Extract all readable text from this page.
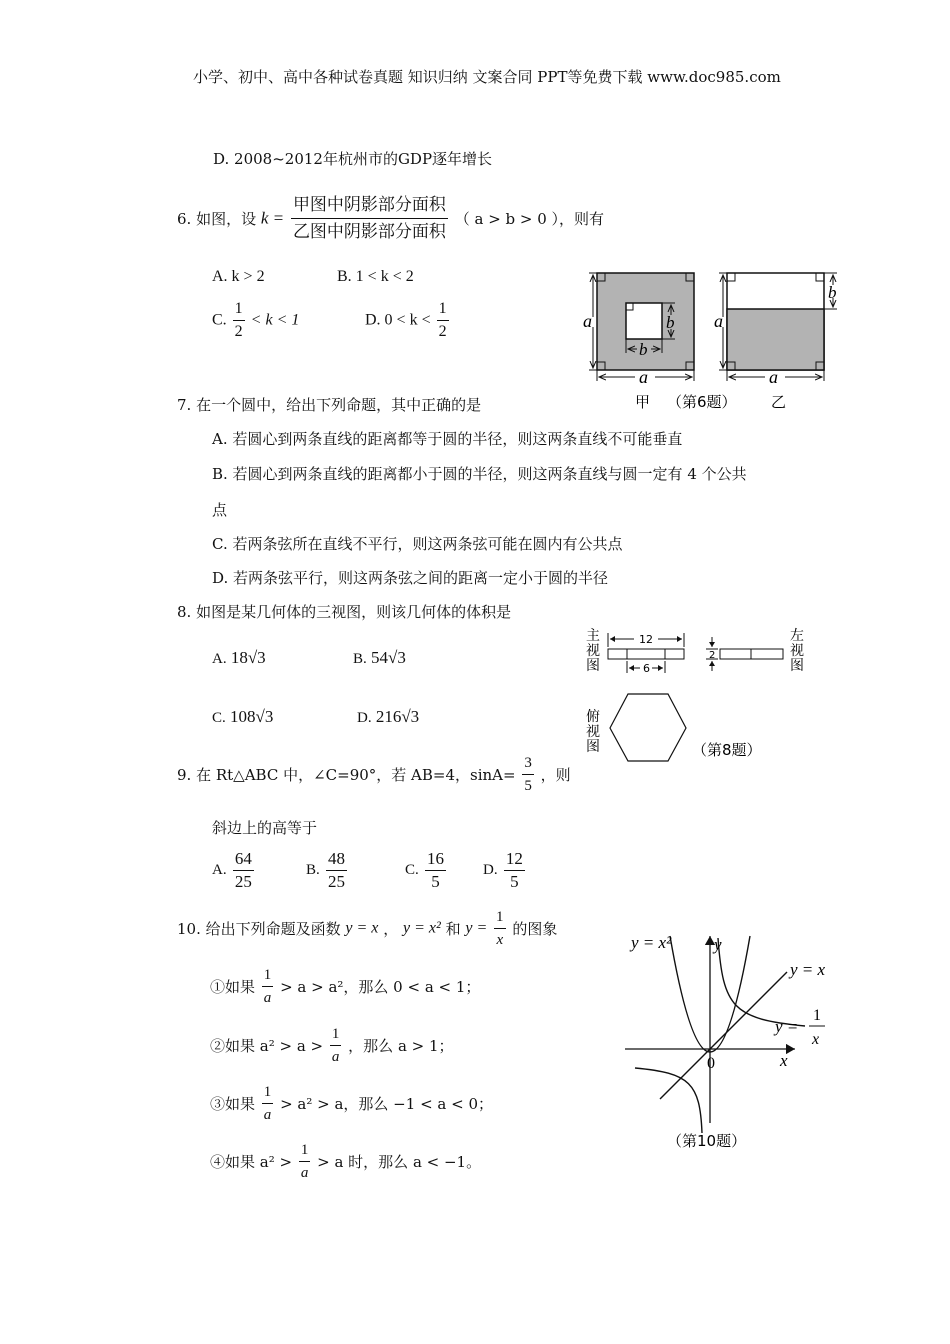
小学、初中、高中各种试卷真题 知识归纳 文案合同 PPT等免费下载 www.doc985.com
D. 2008~2012年杭州市的GDP逐年增长
6. 如图，设 $k = \frac{\text{甲图中阴影部分面积}}{\text{乙图中阴影部分面积}}$ （ a > b > 0 ），则有
A. k > 2	B. 1 < k < 2
C. $\frac{1}{2} < k < 1$	D. $0 < k < \frac{1}{2}$	a
a
b
b
a
b
a
甲 （第6题） 乙
7. 在一个圆中，给出下列命题，其中正确的是
A. 若圆心到两条直线的距离都等于圆的半径，则这两条直线不可能垂直
B. 若圆心到两条直线的距离都小于圆的半径，则这两条直线与圆一定有 4 个公共
点
C. 若两条弦所在直线不平行，则这两条弦可能在圆内有公共点
D. 若两条弦平行，则这两条弦之间的距离一定小于圆的半径
8. 如图是某几何体的三视图，则该几何体的体积是
A. 18√3	B. 54√3
C. 108√3	D. 216√3
主视图
左视图
俯视图
12
6
2
（第8题）
9. 在 Rt△ABC 中，∠C=90°，若 AB=4，$\sin A= \frac{3}{5}$ ，则
斜边上的高等于
A. $\frac{64}{25}$	B. $\frac{48}{25}$	C. $\frac{16}{5} D$. $\frac{12}{5}$
10. 给出下列命题及函数 y = x ， y = x² 和 $y = \frac{1}{x}$ 的图象
①如果 $\frac{1}{a} > a > a^2$，那么 0 < a < 1；
②如果 $a^2 > a > \frac{1}{a}$ ，那么 a > 1；
③如果 $\frac{1}{a} > a^2 > a$，那么 −1 < a < 0；
④如果 $a^2 > \frac{1}{a} > a$ 时，那么 a < −1。
y = x²	y
y = x
y =
1
x
0	x
（第10题）
